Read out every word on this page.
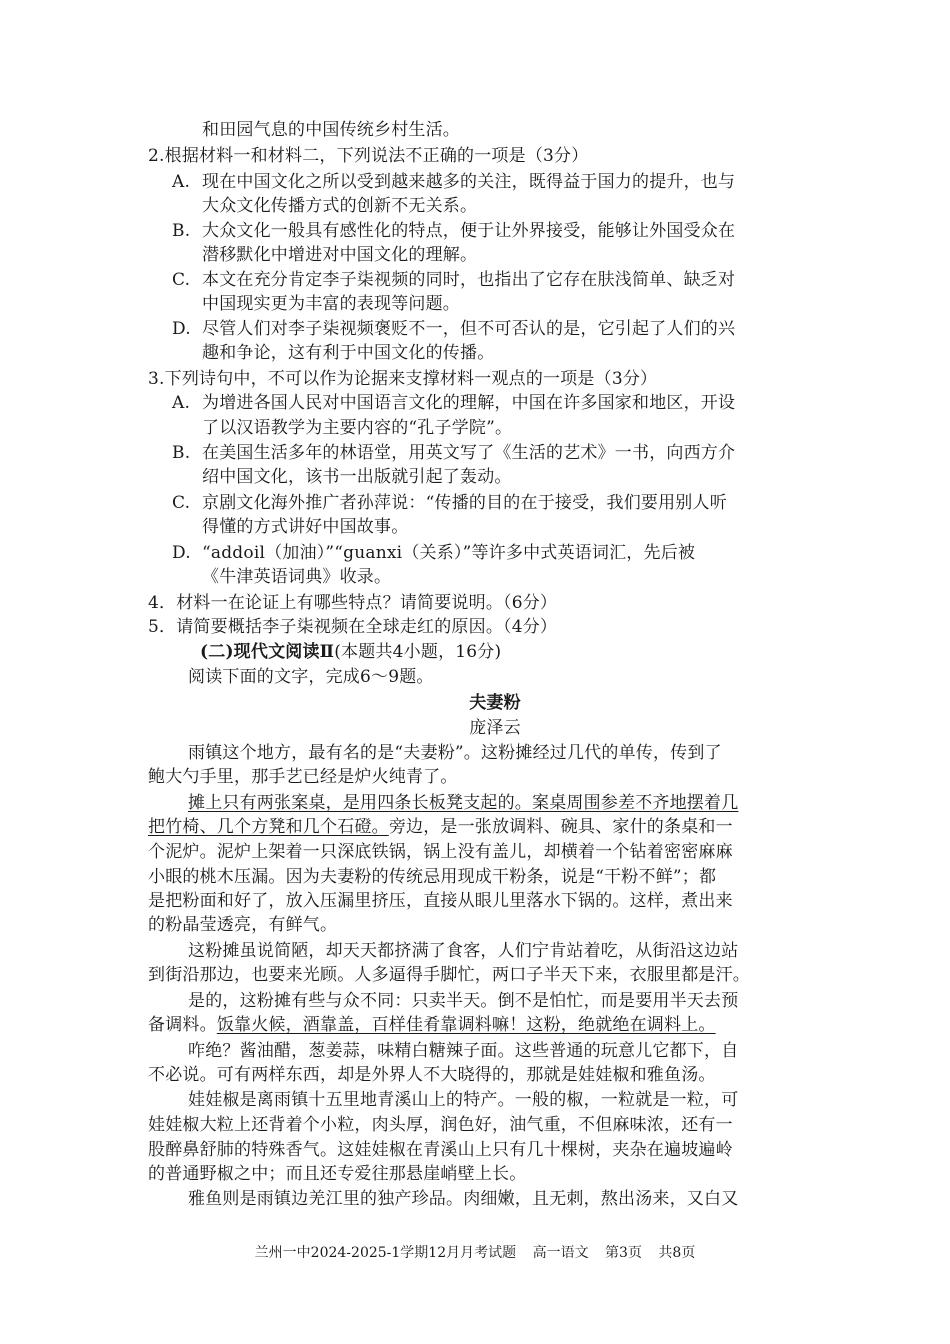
和田园气息的中国传统乡村生活。
2.根据材料一和材料二，下列说法不正确的一项是（3分）
A. 现在中国文化之所以受到越来越多的关注，既得益于国力的提升，也与
大众文化传播方式的创新不无关系。
B. 大众文化一般具有感性化的特点，便于让外界接受，能够让外国受众在
潜移默化中增进对中国文化的理解。
C. 本文在充分肯定李子柒视频的同时，也指出了它存在肤浅简单、缺乏对
中国现实更为丰富的表现等问题。
D. 尽管人们对李子柒视频褒贬不一，但不可否认的是，它引起了人们的兴
趣和争论，这有利于中国文化的传播。
3.下列诗句中，不可以作为论据来支撑材料一观点的一项是（3分）
A. 为增进各国人民对中国语言文化的理解，中国在许多国家和地区，开设
了以汉语教学为主要内容的“孔子学院”。
B. 在美国生活多年的林语堂，用英文写了《生活的艺术》一书，向西方介
绍中国文化，该书一出版就引起了轰动。
C. 京剧文化海外推广者孙萍说：“传播的目的在于接受，我们要用别人听
得懂的方式讲好中国故事。
D. “addoil（加油）”“guanxi（关系）”等许多中式英语词汇，先后被
《牛津英语词典》收录。
4．材料一在论证上有哪些特点？请简要说明。（6分）
5．请简要概括李子柒视频在全球走红的原因。（4分）
(二)现代文阅读Ⅱ(本题共4小题，16分)
阅读下面的文字，完成6～9题。
夫妻粉
庞泽云
雨镇这个地方，最有名的是“夫妻粉”。这粉摊经过几代的单传，传到了
鲍大勺手里，那手艺已经是炉火纯青了。
摊上只有两张案桌，是用四条长板凳支起的。案桌周围参差不齐地摆着几
把竹椅、几个方凳和几个石磴。旁边，是一张放调料、碗具、家什的条桌和一
个泥炉。泥炉上架着一只深底铁锅，锅上没有盖儿，却横着一个钻着密密麻麻
小眼的桃木压漏。因为夫妻粉的传统忌用现成干粉条，说是“干粉不鲜”；都
是把粉面和好了，放入压漏里挤压，直接从眼儿里落水下锅的。这样，煮出来
的粉晶莹透亮，有鲜气。
这粉摊虽说简陋，却天天都挤满了食客，人们宁肯站着吃，从街沿这边站
到街沿那边，也要来光顾。人多逼得手脚忙，两口子半天下来，衣服里都是汗。
是的，这粉摊有些与众不同：只卖半天。倒不是怕忙，而是要用半天去预
备调料。饭靠火候，酒靠盖，百样佳肴靠调料嘛！这粉，绝就绝在调料上。
咋绝？酱油醋，葱姜蒜，味精白糖辣子面。这些普通的玩意儿它都下，自
不必说。可有两样东西，却是外界人不大晓得的，那就是娃娃椒和雅鱼汤。
娃娃椒是离雨镇十五里地青溪山上的特产。一般的椒，一粒就是一粒，可
娃娃椒大粒上还背着个小粒，肉头厚，润色好，油气重，不但麻味浓，还有一
股醉鼻舒肺的特殊香气。这娃娃椒在青溪山上只有几十棵树，夹杂在遍坡遍岭
的普通野椒之中；而且还专爱往那悬崖峭壁上长。
雅鱼则是雨镇边羌江里的独产珍品。肉细嫩，且无刺，熬出汤来，又白又
兰州一中2024-2025-1学期12月月考试题 高一语文 第3页 共8页
